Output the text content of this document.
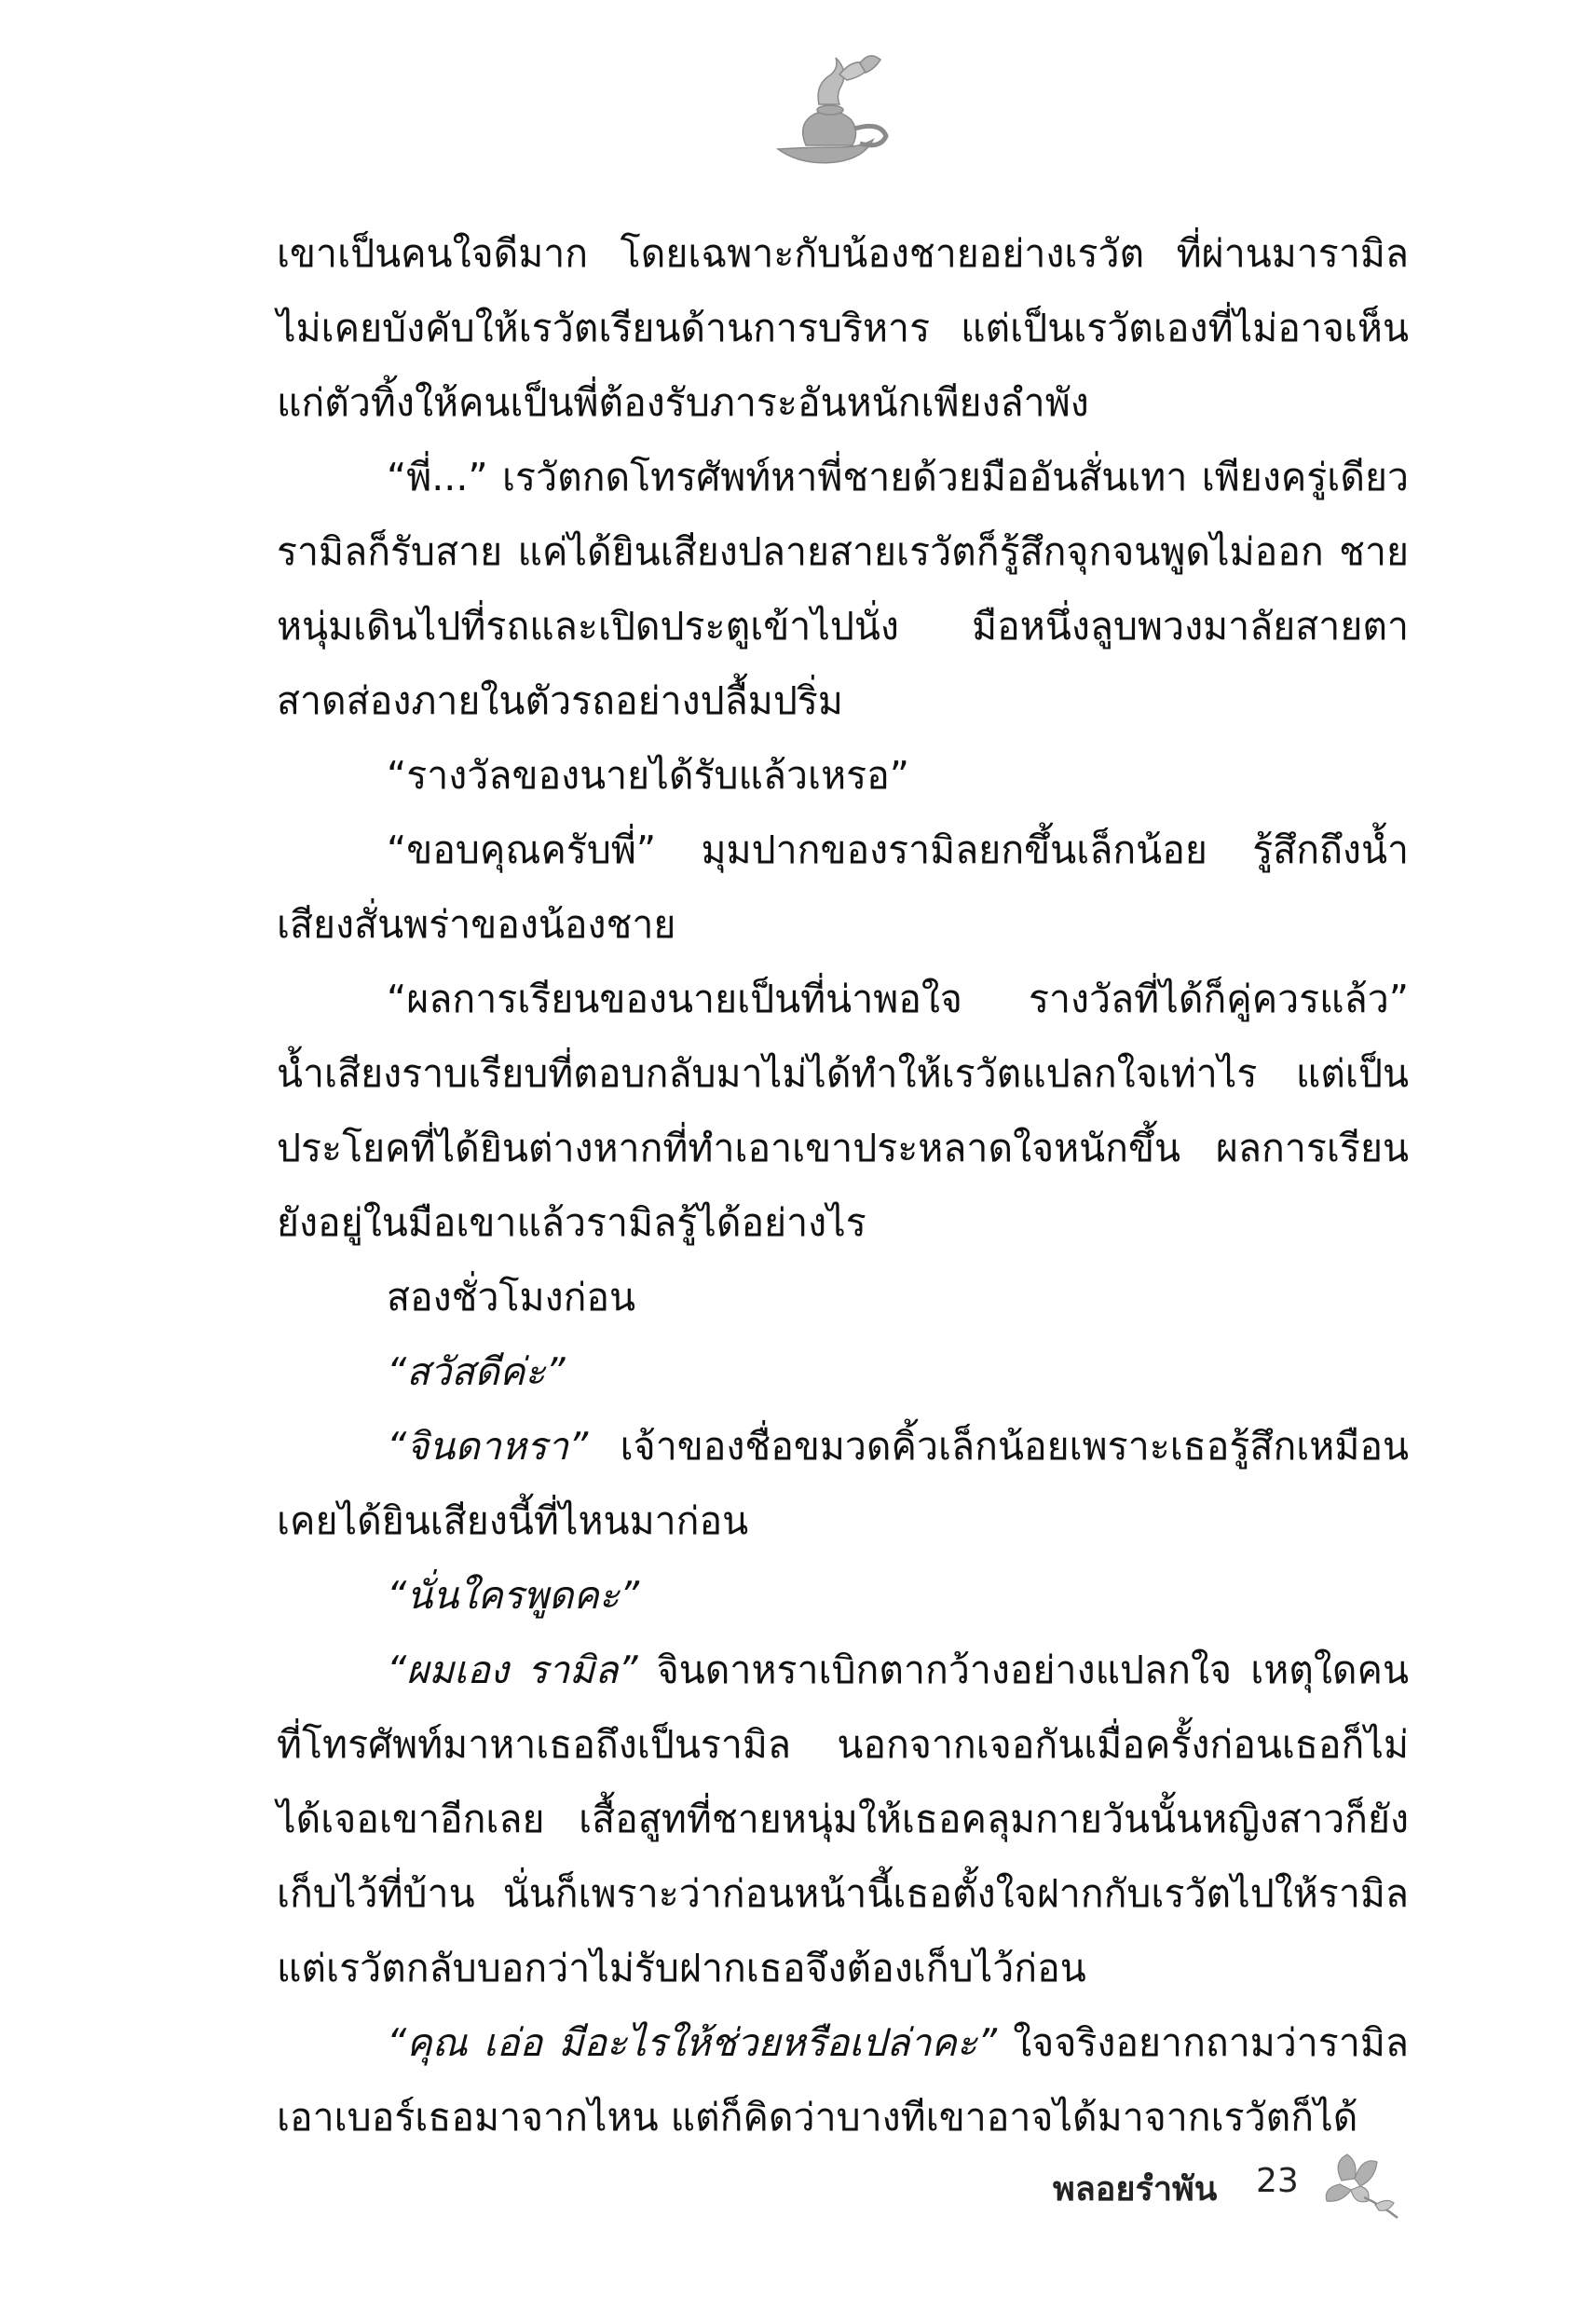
เขาเป็นคนใจดีมาก โดยเฉพาะกับน้องชายอย่างเรวัต ที่ผ่านมารามิลไม่เคยบังคับให้เรวัตเรียนด้านการบริหาร แต่เป็นเรวัตเองที่ไม่อาจเห็นแก่ตัวทิ้งให้คนเป็นพี่ต้องรับภาระอันหนักเพียงลำพัง

“พี่...” เรวัตกดโทรศัพท์หาพี่ชายด้วยมืออันสั่นเทา เพียงครู่เดียวรามิลก็รับสาย แค่ได้ยินเสียงปลายสายเรวัตก็รู้สึกจุกจนพูดไม่ออก ชายหนุ่มเดินไปที่รถและเปิดประตูเข้าไปนั่ง มือหนึ่งลูบพวงมาลัยสายตาสาดส่องภายในตัวรถอย่างปลื้มปริ่ม

“รางวัลของนายได้รับแล้วเหรอ”

“ขอบคุณครับพี่” มุมปากของรามิลยกขึ้นเล็กน้อย รู้สึกถึงน้ำเสียงสั่นพร่าของน้องชาย

“ผลการเรียนของนายเป็นที่น่าพอใจ รางวัลที่ได้ก็คู่ควรแล้ว” น้ำเสียงราบเรียบที่ตอบกลับมาไม่ได้ทำให้เรวัตแปลกใจเท่าไร แต่เป็นประโยคที่ได้ยินต่างหากที่ทำเอาเขาประหลาดใจหนักขึ้น ผลการเรียนยังอยู่ในมือเขาแล้วรามิลรู้ได้อย่างไร

สองชั่วโมงก่อน

“สวัสดีค่ะ”

“จินดาหรา” เจ้าของชื่อขมวดคิ้วเล็กน้อยเพราะเธอรู้สึกเหมือนเคยได้ยินเสียงนี้ที่ไหนมาก่อน

“นั่นใครพูดคะ”

“ผมเอง รามิล” จินดาหราเบิกตากว้างอย่างแปลกใจ เหตุใดคนที่โทรศัพท์มาหาเธอถึงเป็นรามิล นอกจากเจอกันเมื่อครั้งก่อนเธอก็ไม่ได้เจอเขาอีกเลย เสื้อสูทที่ชายหนุ่มให้เธอคลุมกายวันนั้นหญิงสาวก็ยังเก็บไว้ที่บ้าน นั่นก็เพราะว่าก่อนหน้านี้เธอตั้งใจฝากกับเรวัตไปให้รามิล แต่เรวัตกลับบอกว่าไม่รับฝากเธอจึงต้องเก็บไว้ก่อน

“คุณ เอ่อ มีอะไรให้ช่วยหรือเปล่าคะ” ใจจริงอยากถามว่ารามิลเอาเบอร์เธอมาจากไหน แต่ก็คิดว่าบางทีเขาอาจได้มาจากเรวัตก็ได้

พลอยรำพัน 23
